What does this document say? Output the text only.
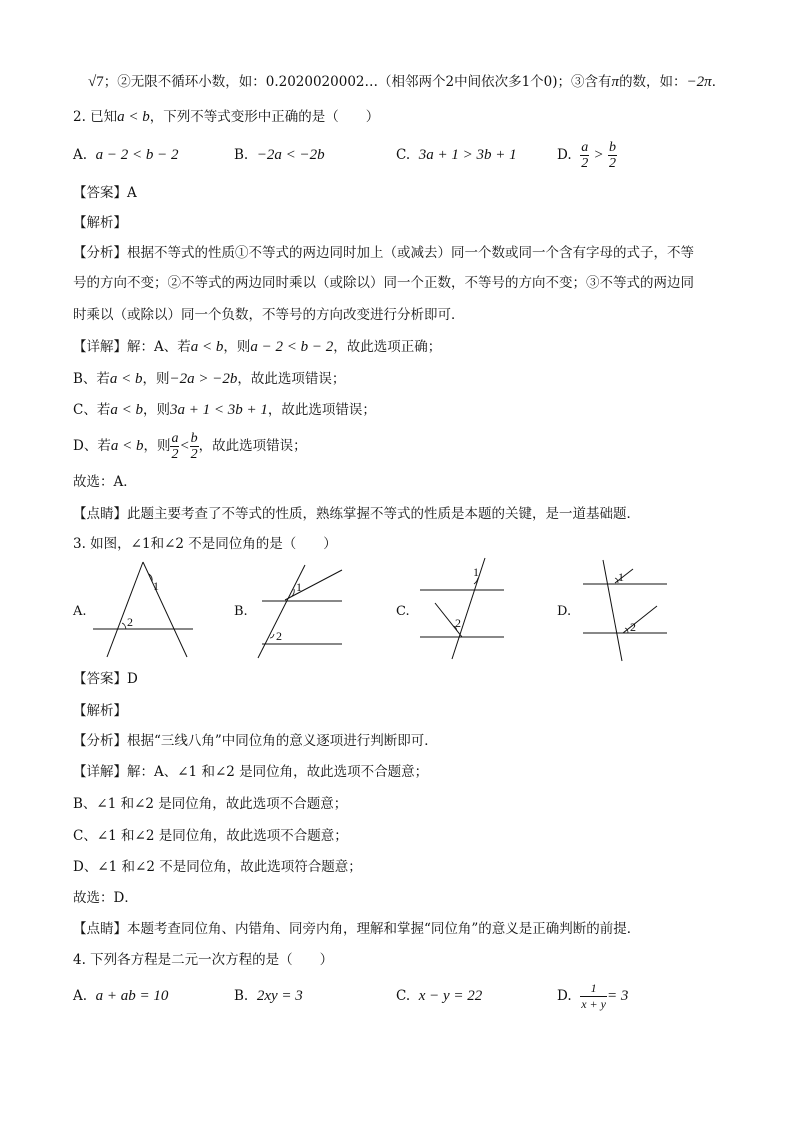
√7；②无限不循环小数，如：0.2020020002…（相邻两个2中间依次多1个0)；③含有π的数，如：−2π．
2. 已知a < b，下列不等式变形中正确的是（　　）
A. a − 2 < b − 2	B. −2a < −2b	C. 3a + 1 > 3b + 1	D. $\frac{a}{2} > \frac{b}{2}$
【答案】A
【解析】
【分析】根据不等式的性质①不等式的两边同时加上（或减去）同一个数或同一个含有字母的式子，不等
号的方向不变；②不等式的两边同时乘以（或除以）同一个正数，不等号的方向不变；③不等式的两边同
时乘以（或除以）同一个负数，不等号的方向改变进行分析即可．
【详解】解：A、若a < b，则a − 2 < b − 2，故此选项正确；
B、若a < b，则−2a > −2b，故此选项错误；
C、若a < b，则3a + 1 < 3b + 1，故此选项错误；
D、若a < b，则 $\frac{a}{2} < \frac{b}{2}$ ，故此选项错误；
故选：A．
【点睛】此题主要考查了不等式的性质，熟练掌握不等式的性质是本题的关键，是一道基础题．
3. 如图，∠1和∠2 不是同位角的是（　　）
A.
1
2
B.
1
2
C.
1
2
D.
1
2
【答案】D
【解析】
【分析】根据“三线八角”中同位角的意义逐项进行判断即可．
【详解】解：A、∠1 和∠2 是同位角，故此选项不合题意；
B、∠1 和∠2 是同位角，故此选项不合题意；
C、∠1 和∠2 是同位角，故此选项不合题意；
D、∠1 和∠2 不是同位角，故此选项符合题意；
故选：D．
【点睛】本题考查同位角、内错角、同旁内角，理解和掌握“同位角”的意义是正确判断的前提．
4. 下列各方程是二元一次方程的是（　　）
A. a + ab = 10	B. 2xy = 3	C. x − y = 22	D. $\frac{1}{x + y} = 3$
